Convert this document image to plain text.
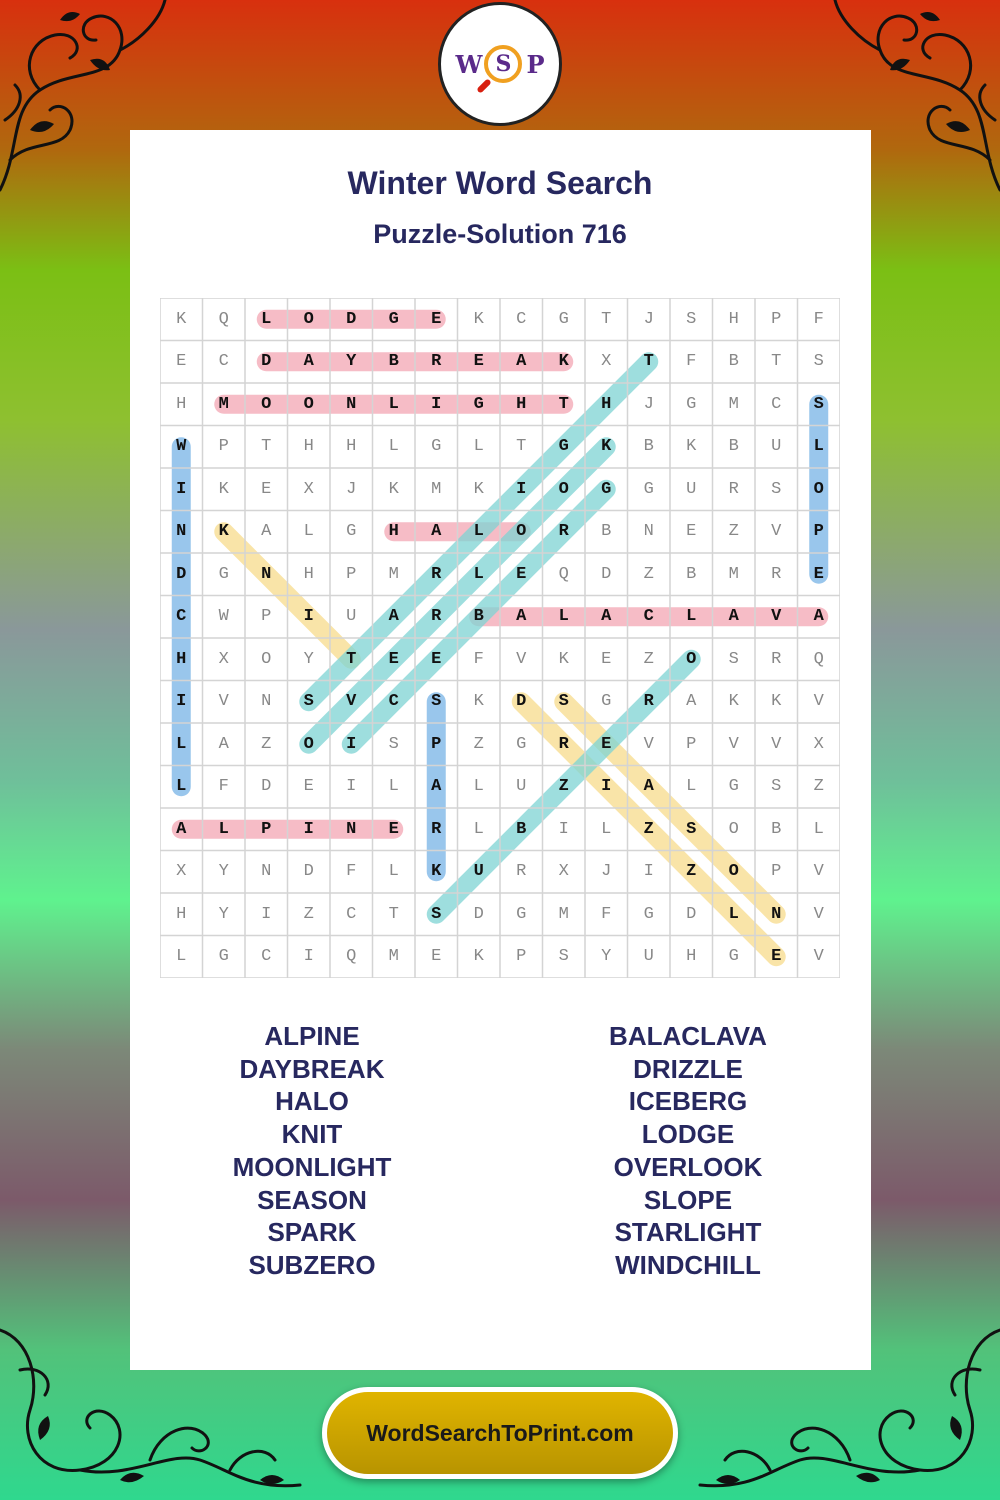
W S P
Winter Word Search
Puzzle-Solution 716
K	Q	L	O	D	G	E	K	C	G	T	J	S	H	P	F
E	C	D	A	Y	B	R	E	A	K	X	T	F	B	T	S
H	M	O	O	N	L	I	G	H	T	H	J	G	M	C	S
W	P	T	H	H	L	G	L	T	G	K	B	K	B	U	L
I	K	E	X	J	K	M	K	I	O	G	G	U	R	S	O
N	K	A	L	G	H	A	L	O	R	B	N	E	Z	V	P
D	G	N	H	P	M	R	L	E	Q	D	Z	B	M	R	E
C	W	P	I	U	A	R	B	A	L	A	C	L	A	V	A
H	X	O	Y	T	E	E	F	V	K	E	Z	O	S	R	Q
I	V	N	S	V	C	S	K	D	S	G	R	A	K	K	V
L	A	Z	O	I	S	P	Z	G	R	E	V	P	V	V	X
L	F	D	E	I	L	A	L	U	Z	I	A	L	G	S	Z
A	L	P	I	N	E	R	L	B	I	L	Z	S	O	B	L
X	Y	N	D	F	L	K	U	R	X	J	I	Z	O	P	V
H	Y	I	Z	C	T	S	D	G	M	F	G	D	L	N	V
L	G	C	I	Q	M	E	K	P	S	Y	U	H	G	E	V
ALPINE
DAYBREAK
HALO
KNIT
MOONLIGHT
SEASON
SPARK
SUBZERO
BALACLAVA
DRIZZLE
ICEBERG
LODGE
OVERLOOK
SLOPE
STARLIGHT
WINDCHILL
WordSearchToPrint.com
